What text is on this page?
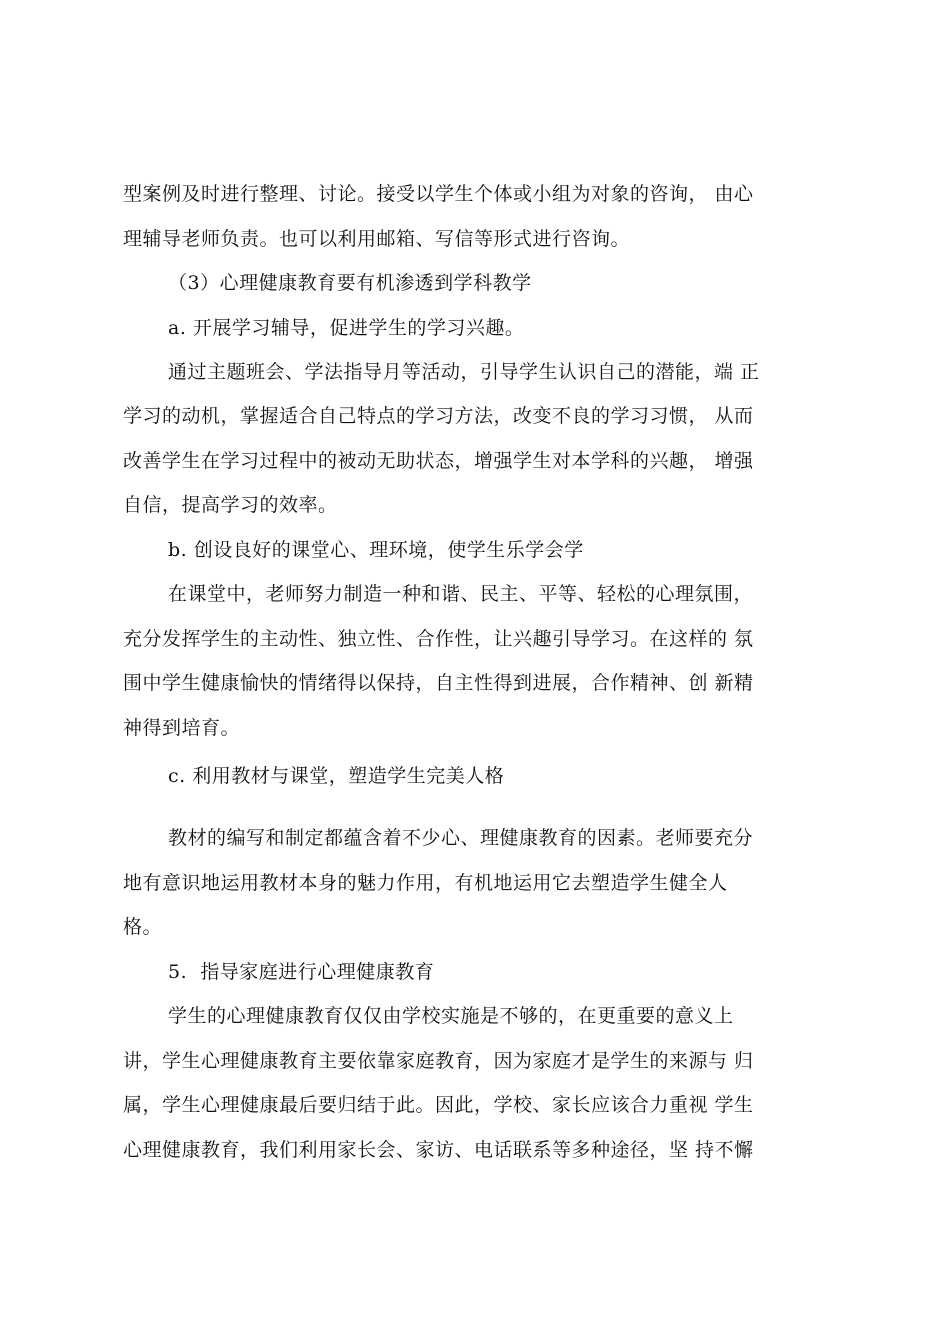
型案例及时进行整理、讨论。接受以学生个体或小组为对象的咨询， 由心
理辅导老师负责。也可以利用邮箱、写信等形式进行咨询。
（3）心理健康教育要有机渗透到学科教学
a. 开展学习辅导，促进学生的学习兴趣。
通过主题班会、学法指导月等活动，引导学生认识自己的潜能，端 正
学习的动机，掌握适合自己特点的学习方法，改变不良的学习习惯， 从而
改善学生在学习过程中的被动无助状态，增强学生对本学科的兴趣， 增强
自信，提高学习的效率。
b. 创设良好的课堂心、理环境，使学生乐学会学
在课堂中，老师努力制造一种和谐、民主、平等、轻松的心理氛围，
充分发挥学生的主动性、独立性、合作性，让兴趣引导学习。在这样的 氛
围中学生健康愉快的情绪得以保持，自主性得到进展，合作精神、创 新精
神得到培育。
c. 利用教材与课堂，塑造学生完美人格
教材的编写和制定都蕴含着不少心、理健康教育的因素。老师要充分
地有意识地运用教材本身的魅力作用，有机地运用它去塑造学生健全人
格。
5.  指导家庭进行心理健康教育
学生的心理健康教育仅仅由学校实施是不够的，在更重要的意义上
讲，学生心理健康教育主要依靠家庭教育，因为家庭才是学生的来源与 归
属，学生心理健康最后要归结于此。因此，学校、家长应该合力重视 学生
心理健康教育，我们利用家长会、家访、电话联系等多种途径，坚 持不懈
